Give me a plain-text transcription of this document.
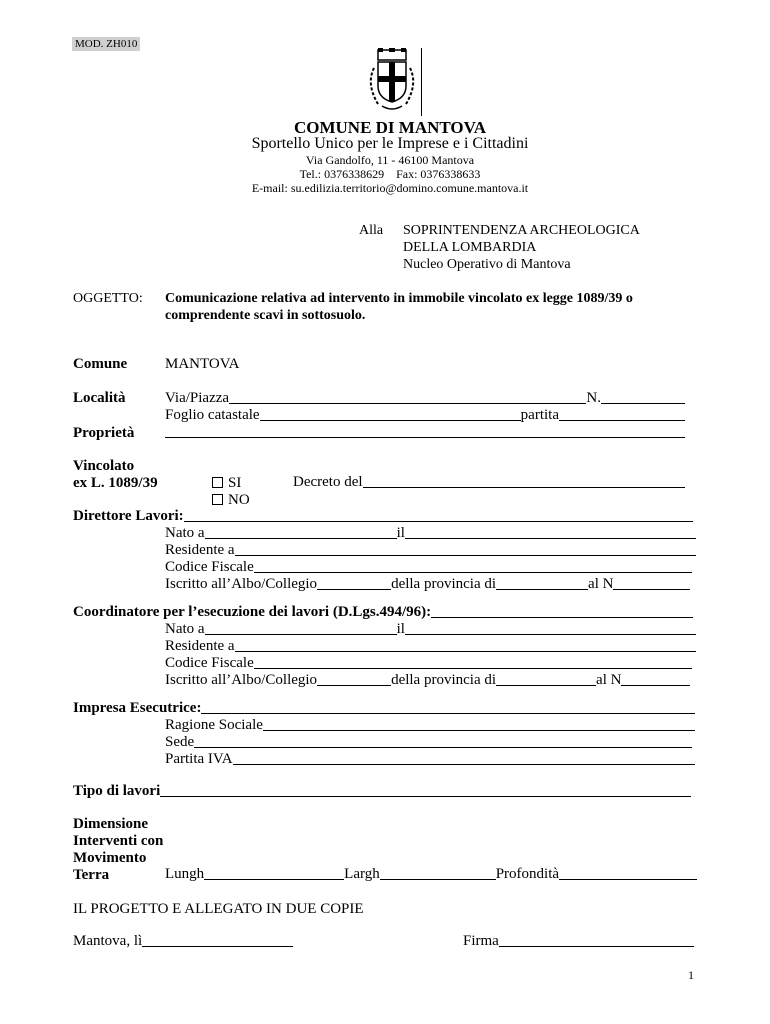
MOD. ZH010
COMUNE DI MANTOVA
Sportello Unico per le Imprese e i Cittadini
Via Gandolfo, 11 - 46100 Mantova
Tel.: 0376338629    Fax: 0376338633
E-mail: su.edilizia.territorio@domino.comune.mantova.it
Alla SOPRINTENDENZA ARCHEOLOGICA
DELLA LOMBARDIA
Nucleo Operativo di Mantova
OGGETTO: Comunicazione relativa ad intervento in immobile vincolato ex legge 1089/39 o
comprendente scavi in sottosuolo.
Comune	MANTOVA
Località	Via/Piazza	N.
Foglio catastale	partita
Proprietà
Vincolato
ex L. 1089/39	SI
NO
Decreto del
Direttore Lavori:
Nato a	il
Residente a
Codice Fiscale
Iscritto all’Albo/Collegio	della provincia di	al N
Coordinatore per l’esecuzione dei lavori (D.Lgs.494/96):
Nato a	il
Residente a
Codice Fiscale
Iscritto all’Albo/Collegio	della provincia di	al N
Impresa Esecutrice:
Ragione Sociale
Sede
Partita IVA
Tipo di lavori
Dimensione
Interventi con
Movimento
Terra	Lungh	Largh	Profondità
IL PROGETTO E ALLEGATO IN DUE COPIE
Mantova, lì	Firma
1
